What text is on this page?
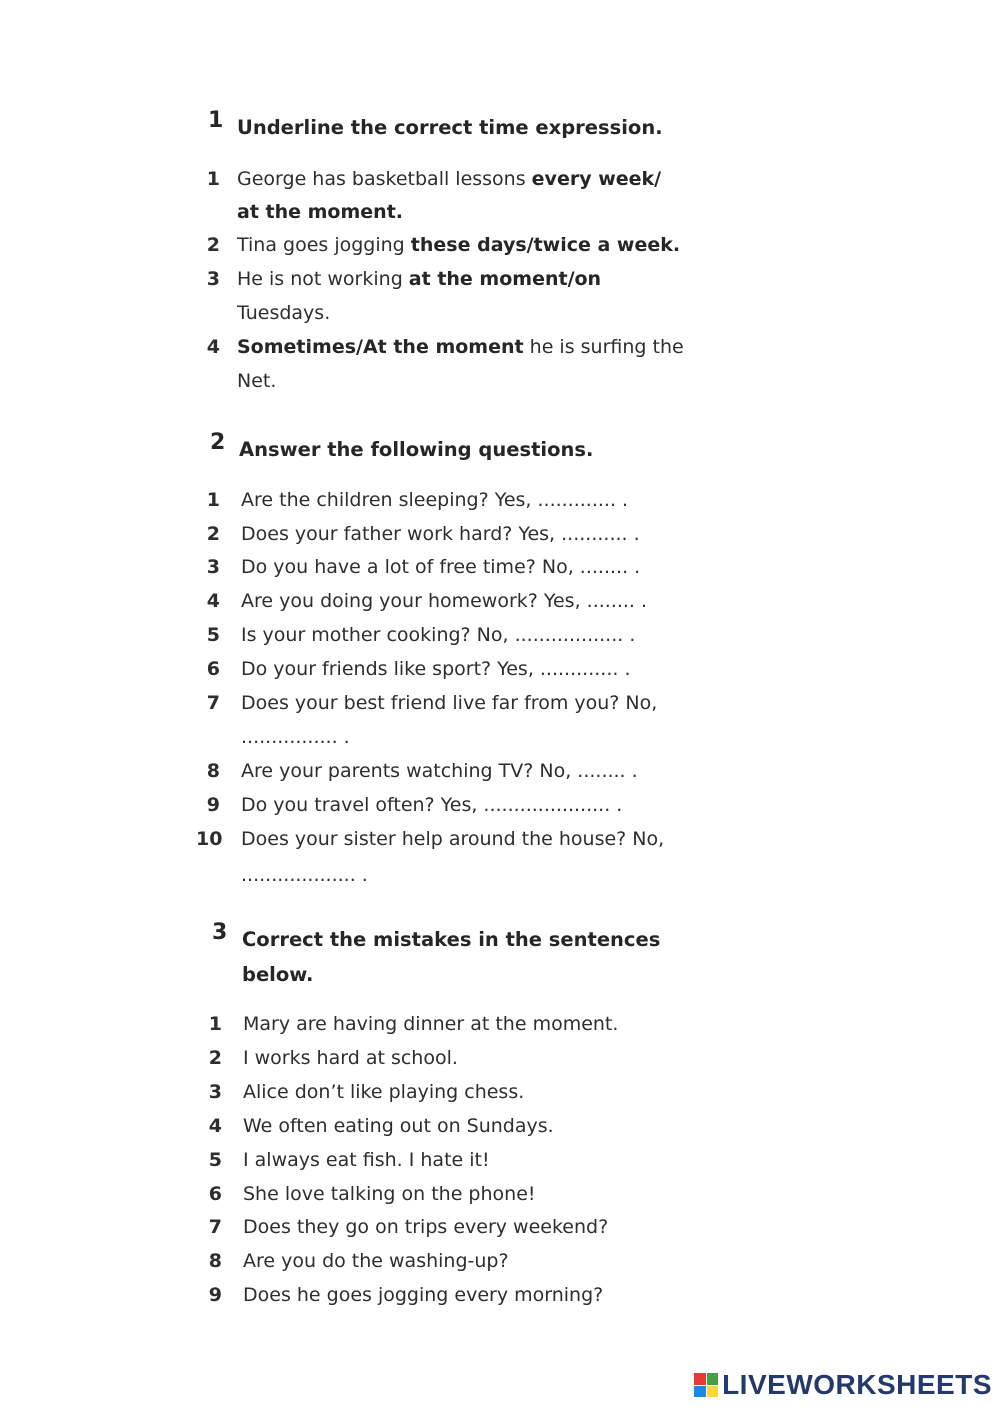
1 Underline the correct time expression.
1 George has basketball lessons every week/
at the moment.
2 Tina goes jogging these days/twice a week.
3 He is not working at the moment/on
Tuesdays.
4 Sometimes/At the moment he is surfing the
Net.
2 Answer the following questions.
1 Are the children sleeping? Yes, ............. .
2 Does your father work hard? Yes, ........... .
3 Do you have a lot of free time? No, ........ .
4 Are you doing your homework? Yes, ........ .
5 Is your mother cooking? No, .................. .
6 Do your friends like sport? Yes, ............. .
7 Does your best friend live far from you? No,
................ .
8 Are your parents watching TV? No, ........ .
9 Do you travel often? Yes, ..................... .
10 Does your sister help around the house? No,
................... .
3 Correct the mistakes in the sentences
below.
1 Mary are having dinner at the moment.
2 I works hard at school.
3 Alice don’t like playing chess.
4 We often eating out on Sundays.
5 I always eat fish. I hate it!
6 She love talking on the phone!
7 Does they go on trips every weekend?
8 Are you do the washing-up?
9 Does he goes jogging every morning?
LIVEWORKSHEETS
